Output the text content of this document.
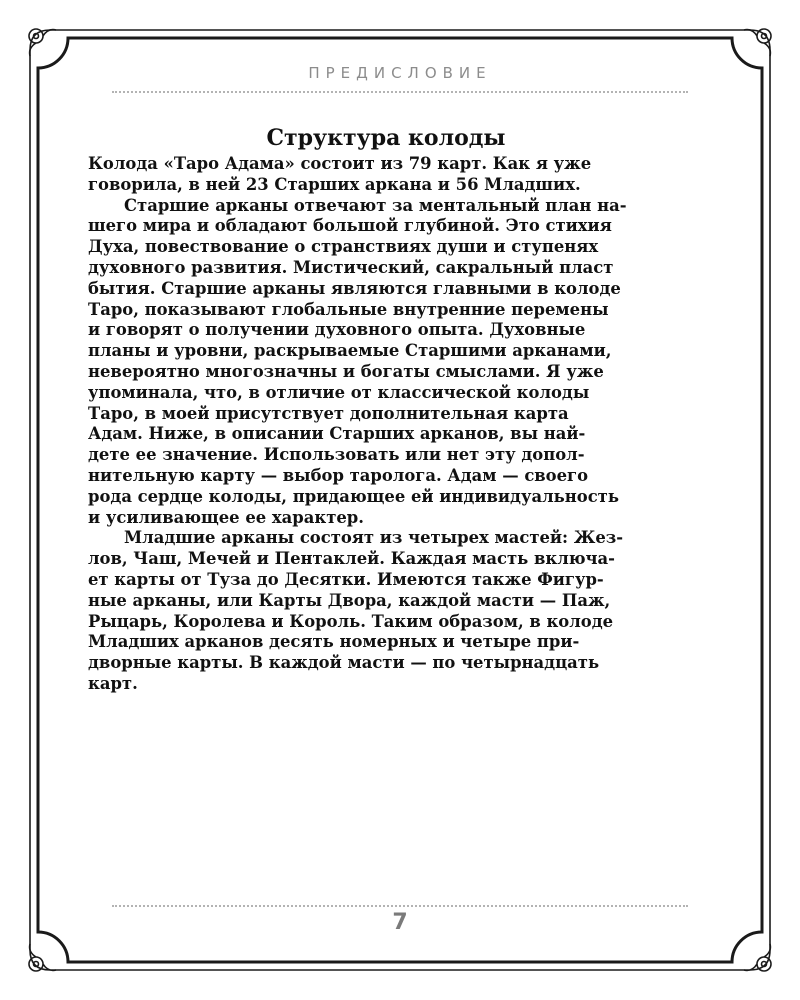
ПРЕДИСЛОВИЕ
Структура колоды

Колода «Таро Адама» состоит из 79 карт. Как я уже
говорила, в ней 23 Старших аркана и 56 Младших.

Старшие арканы отвечают за ментальный план на-
шего мира и обладают большой глубиной. Это стихия
Духа, повествование о странствиях души и ступенях
духовного развития. Мистический, сакральный пласт
бытия. Старшие арканы являются главными в колоде
Таро, показывают глобальные внутренние перемены
и говорят о получении духовного опыта. Духовные
планы и уровни, раскрываемые Старшими арканами,
невероятно многозначны и богаты смыслами. Я уже
упоминала, что, в отличие от классической колоды
Таро, в моей присутствует дополнительная карта
Адам. Ниже, в описании Старших арканов, вы най-
дете ее значение. Использовать или нет эту допол-
нительную карту — выбор таролога. Адам — своего
рода сердце колоды, придающее ей индивидуальность
и усиливающее ее характер.

Младшие арканы состоят из четырех мастей: Жез-
лов, Чаш, Мечей и Пентаклей. Каждая масть включа-
ет карты от Туза до Десятки. Имеются также Фигур-
ные арканы, или Карты Двора, каждой масти — Паж,
Рыцарь, Королева и Король. Таким образом, в колоде
Младших арканов десять номерных и четыре при-
дворные карты. В каждой масти — по четырнадцать
карт.

7
